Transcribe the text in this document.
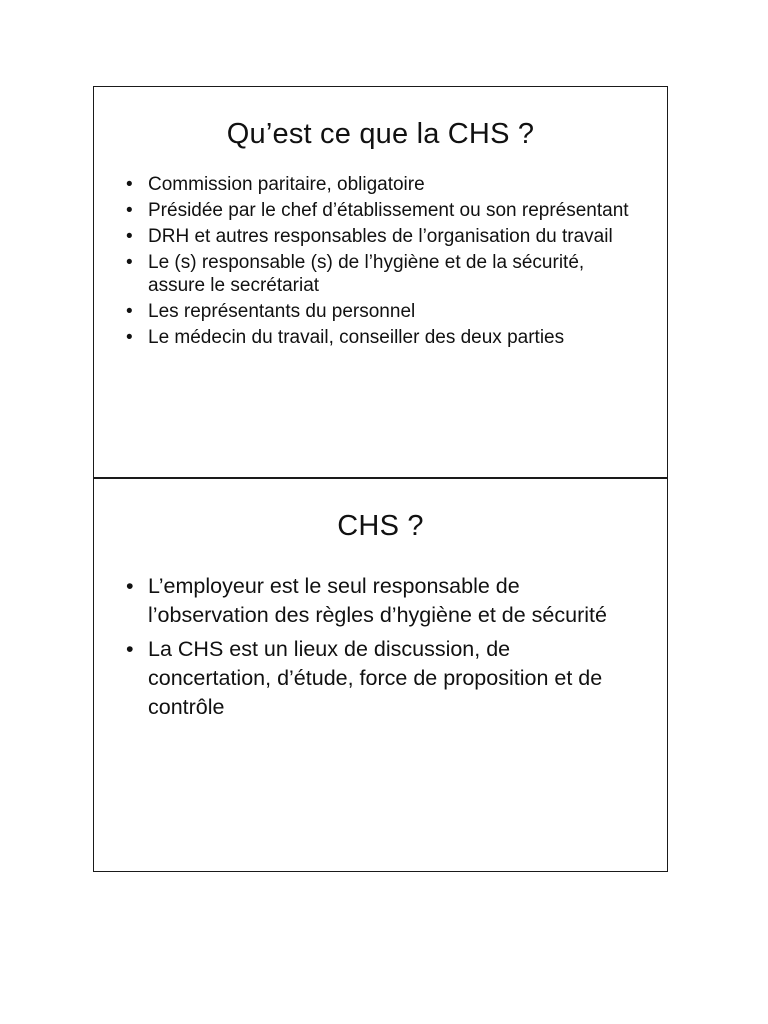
Qu’est ce que la CHS ?
• Commission paritaire, obligatoire
• Présidée par le chef d’établissement ou son représentant
• DRH et autres responsables de l’organisation du travail
• Le (s) responsable (s) de l’hygiène et de la sécurité, assure le secrétariat
• Les représentants du personnel
• Le médecin du travail, conseiller des deux parties
CHS ?
• L’employeur est le seul responsable de l’observation des règles d’hygiène et de sécurité
• La CHS est un lieux de discussion, de concertation, d’étude, force de proposition et de contrôle
